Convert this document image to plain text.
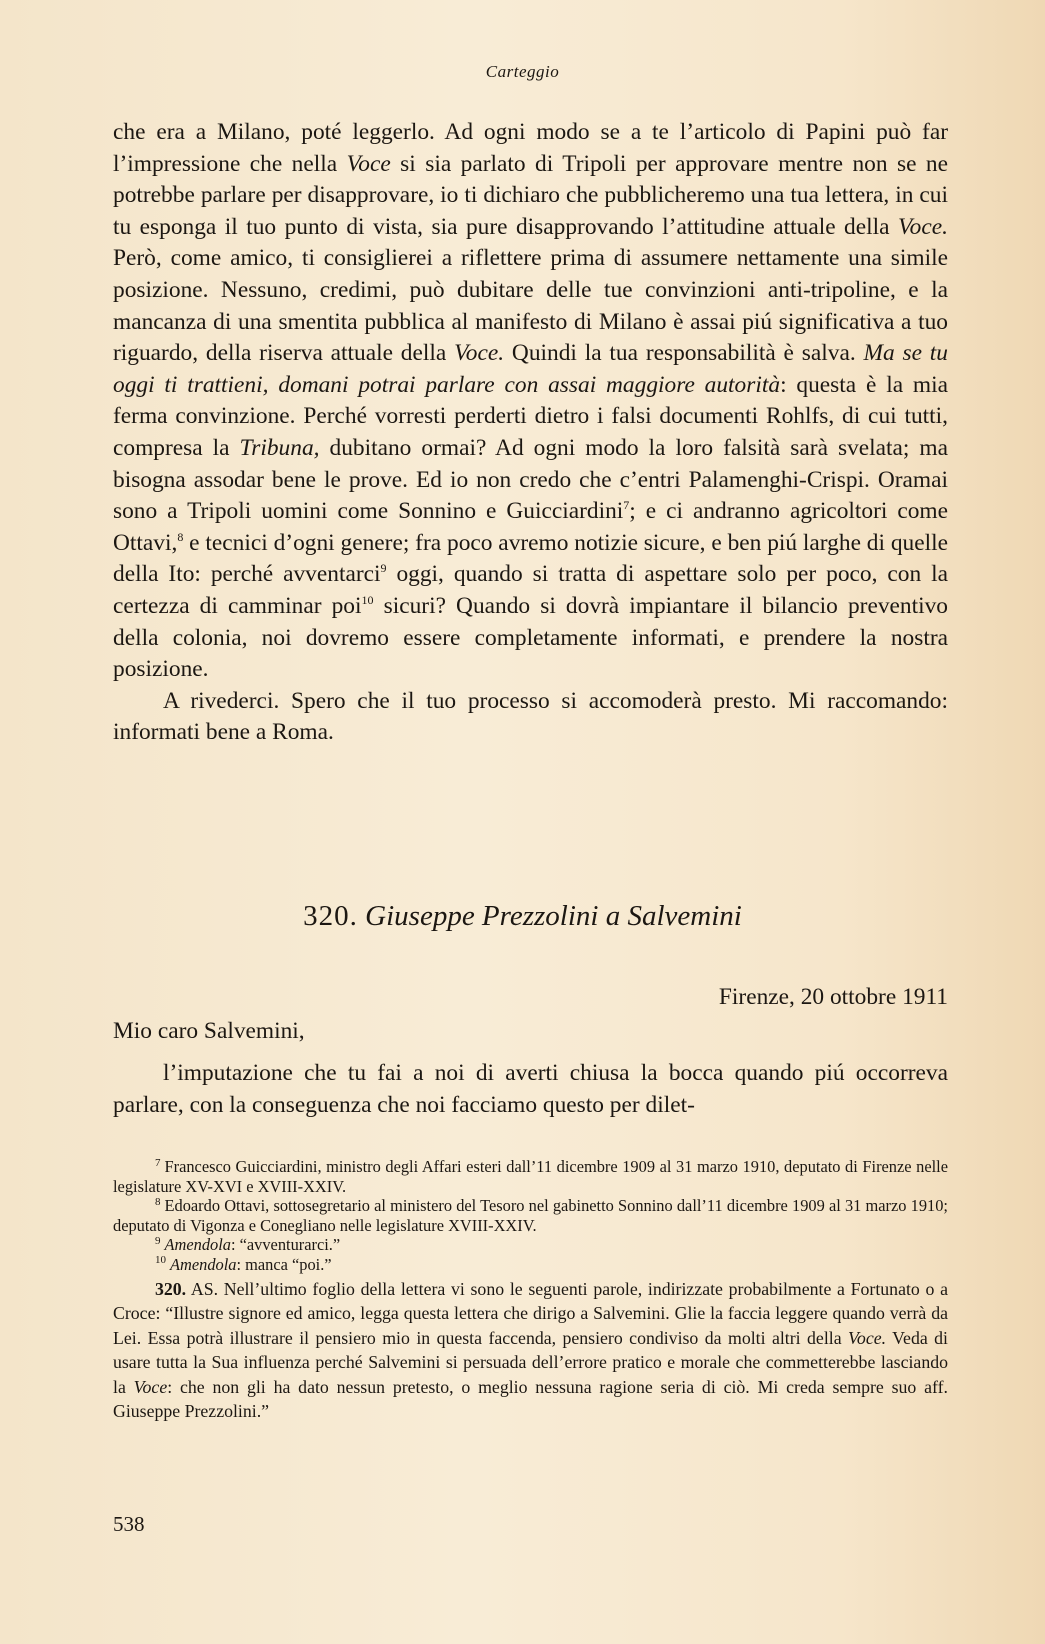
Carteggio

che era a Milano, poté leggerlo. Ad ogni modo se a te l’articolo di Papini può far l’impressione che nella Voce si sia parlato di Tripoli per approvare mentre non se ne potrebbe parlare per disapprovare, io ti dichiaro che pubblicheremo una tua lettera, in cui tu esponga il tuo punto di vista, sia pure disapprovando l’attitudine attuale della Voce. Però, come amico, ti consiglierei a riflettere prima di assumere nettamente una simile posizione. Nessuno, credimi, può dubitare delle tue convinzioni anti-tripoline, e la mancanza di una smentita pubblica al manifesto di Milano è assai piú significativa a tuo riguardo, della riserva attuale della Voce. Quindi la tua responsabilità è salva. Ma se tu oggi ti trattieni, domani potrai parlare con assai maggiore autorità: questa è la mia ferma convinzione. Perché vorresti perderti dietro i falsi documenti Rohlfs, di cui tutti, compresa la Tribuna, dubitano ormai? Ad ogni modo la loro falsità sarà svelata; ma bisogna assodar bene le prove. Ed io non credo che c’entri Palamenghi-Crispi. Oramai sono a Tripoli uomini come Sonnino e Guicciardini$^7$; e ci andranno agricoltori come Ottavi,$^8$ e tecnici d’ogni genere; fra poco avremo notizie sicure, e ben piú larghe di quelle della Ito: perché avventarci$^9$ oggi, quando si tratta di aspettare solo per poco, con la certezza di camminar poi$^{10}$ sicuri? Quando si dovrà impiantare il bilancio preventivo della colonia, noi dovremo essere completamente informati, e prendere la nostra posizione.

A rivederci. Spero che il tuo processo si accomoderà presto. Mi raccomando: informati bene a Roma.

320. Giuseppe Prezzolini a Salvemini
Firenze, 20 ottobre 1911
Mio caro Salvemini,

l’imputazione che tu fai a noi di averti chiusa la bocca quando piú occorreva parlare, con la conseguenza che noi facciamo questo per dilet-

$^7$ Francesco Guicciardini, ministro degli Affari esteri dall’11 dicembre 1909 al 31 marzo 1910, deputato di Firenze nelle legislature XV-XVI e XVIII-XXIV.

$^8$ Edoardo Ottavi, sottosegretario al ministero del Tesoro nel gabinetto Sonnino dall’11 dicembre 1909 al 31 marzo 1910; deputato di Vigonza e Conegliano nelle legislature XVIII-XXIV.

$^9$ Amendola: “avventurarci.”

$^{10}$ Amendola: manca “poi.”

320. AS. Nell’ultimo foglio della lettera vi sono le seguenti parole, indirizzate probabilmente a Fortunato o a Croce: “Illustre signore ed amico, legga questa lettera che dirigo a Salvemini. Glie la faccia leggere quando verrà da Lei. Essa potrà illustrare il pensiero mio in questa faccenda, pensiero condiviso da molti altri della Voce. Veda di usare tutta la Sua influenza perché Salvemini si persuada dell’errore pratico e morale che commetterebbe lasciando la Voce: che non gli ha dato nessun pretesto, o meglio nessuna ragione seria di ciò. Mi creda sempre suo aff. Giuseppe Prezzolini.”

538
